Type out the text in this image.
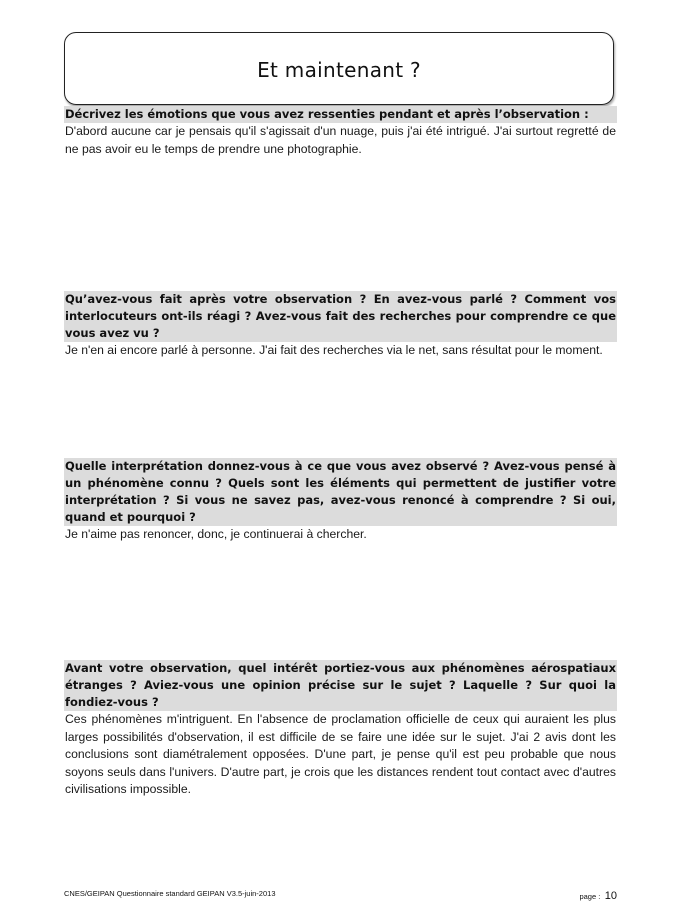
Et maintenant ?
Décrivez les émotions que vous avez ressenties pendant et après l’observation :
D'abord aucune car je pensais qu'il s'agissait d'un nuage, puis j'ai été intrigué. J'ai surtout regretté de ne pas avoir eu le temps de prendre une photographie.
Qu’avez-vous fait après votre observation ? En avez-vous parlé ? Comment vos interlocuteurs ont-ils réagi ? Avez-vous fait des recherches pour comprendre ce que vous avez vu ?
Je n'en ai encore parlé à personne. J'ai fait des recherches via le net, sans résultat pour le moment.
Quelle interprétation donnez-vous à ce que vous avez observé ? Avez-vous pensé à un phénomène connu ? Quels sont les éléments qui permettent de justifier votre interprétation ? Si vous ne savez pas, avez-vous renoncé à comprendre ? Si oui, quand et pourquoi ?
Je n'aime pas renoncer, donc, je continuerai à chercher.
Avant votre observation, quel intérêt portiez-vous aux phénomènes aérospatiaux étranges ? Aviez-vous une opinion précise sur le sujet ? Laquelle ? Sur quoi la fondiez-vous ?
Ces phénomènes m'intriguent. En l'absence de proclamation officielle de ceux qui auraient les plus larges possibilités d'observation, il est difficile de se faire une idée sur le sujet. J'ai 2 avis dont les conclusions sont diamétralement opposées. D'une part, je pense qu'il est peu probable que nous soyons seuls dans l'univers. D'autre part, je crois que les distances rendent tout contact avec d'autres civilisations impossible.
CNES/GEIPAN Questionnaire standard GEIPAN V3.5-juin-2013	page : 10
